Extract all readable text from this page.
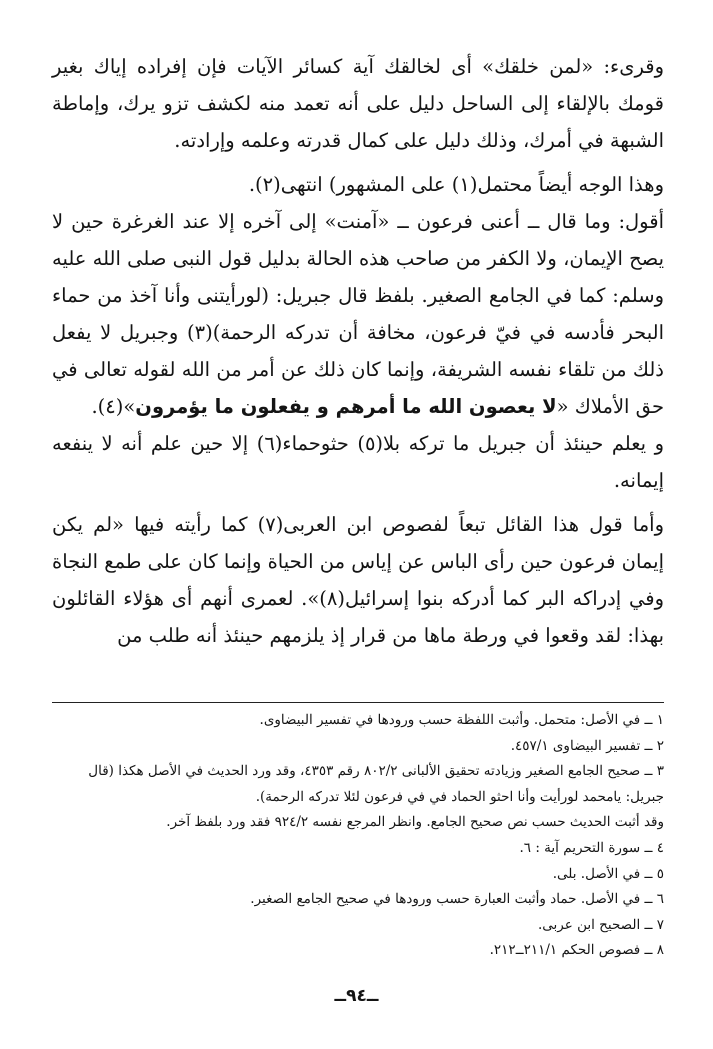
وقرىء: «لمن خلقك» أى لخالقك آية كسائر الآيات فإن إفراده إياك بغير قومك بالإلقاء إلى الساحل دليل على أنه تعمد منه لكشف تزو يرك، وإماطة الشبهة في أمرك، وذلك دليل على كمال قدرته وعلمه وإرادته.

وهذا الوجه أيضاً محتمل(١) على المشهور) انتهى(٢).

أقول: وما قال ــ أعنى فرعون ــ «آمنت» إلى آخره إلا عند الغرغرة حين لا يصح الإيمان، ولا الكفر من صاحب هذه الحالة بدليل قول النبى صلى الله عليه وسلم: كما في الجامع الصغير. بلفظ قال جبريل: (لورأيتنى وأنا آخذ من حماء البحر فأدسه في فيّ فرعون، مخافة أن تدركه الرحمة)(٣) وجبريل لا يفعل ذلك من تلقاء نفسه الشريفة، وإنما كان ذلك عن أمر من الله لقوله تعالى في حق الأملاك «لا يعصون الله ما أمرهم و يفعلون ما يؤمرون»(٤).

و يعلم حينئذ أن جبريل ما تركه بلا(٥) حثوحماء(٦) إلا حين علم أنه لا ينفعه إيمانه.

وأما قول هذا القائل تبعاً لفصوص ابن العربى(٧) كما رأيته فيها «لم يكن إيمان فرعون حين رأى الباس عن إياس من الحياة وإنما كان على طمع النجاة وفي إدراكه البر كما أدركه بنوا إسرائيل(٨)». لعمرى أنهم أى هؤلاء القائلون بهذا: لقد وقعوا في ورطة ماها من قرار إذ يلزمهم حينئذ أنه طلب من

١ ــ في الأصل: متحمل. وأثبت اللفظة حسب ورودها في تفسير البيضاوى.

٢ ــ تفسير البيضاوى ٤٥٧/١.

٣ ــ صحيح الجامع الصغير وزيادته تحقيق الألبانى ٨٠٢/٢ رقم ٤٣٥٣، وقد ورد الحديث في الأصل هكذا (قال جبريل: يامحمد لورأيت وأنا احثو الحماد في في فرعون لئلا تدركه الرحمة).

وقد أثبت الحديث حسب نص صحيح الجامع. وانظر المرجع نفسه ٩٢٤/٢ فقد ورد بلفظ آخر.

٤ ــ سورة التحريم آية : ٦.

٥ ــ في الأصل. بلى.

٦ ــ في الأصل. حماد وأثبت العبارة حسب ورودها في صحيح الجامع الصغير.

٧ ــ الصحيح ابن عربى.

٨ ــ فصوص الحكم ٢١١/١ــ٢١٢.

ــ٩٤ــ
